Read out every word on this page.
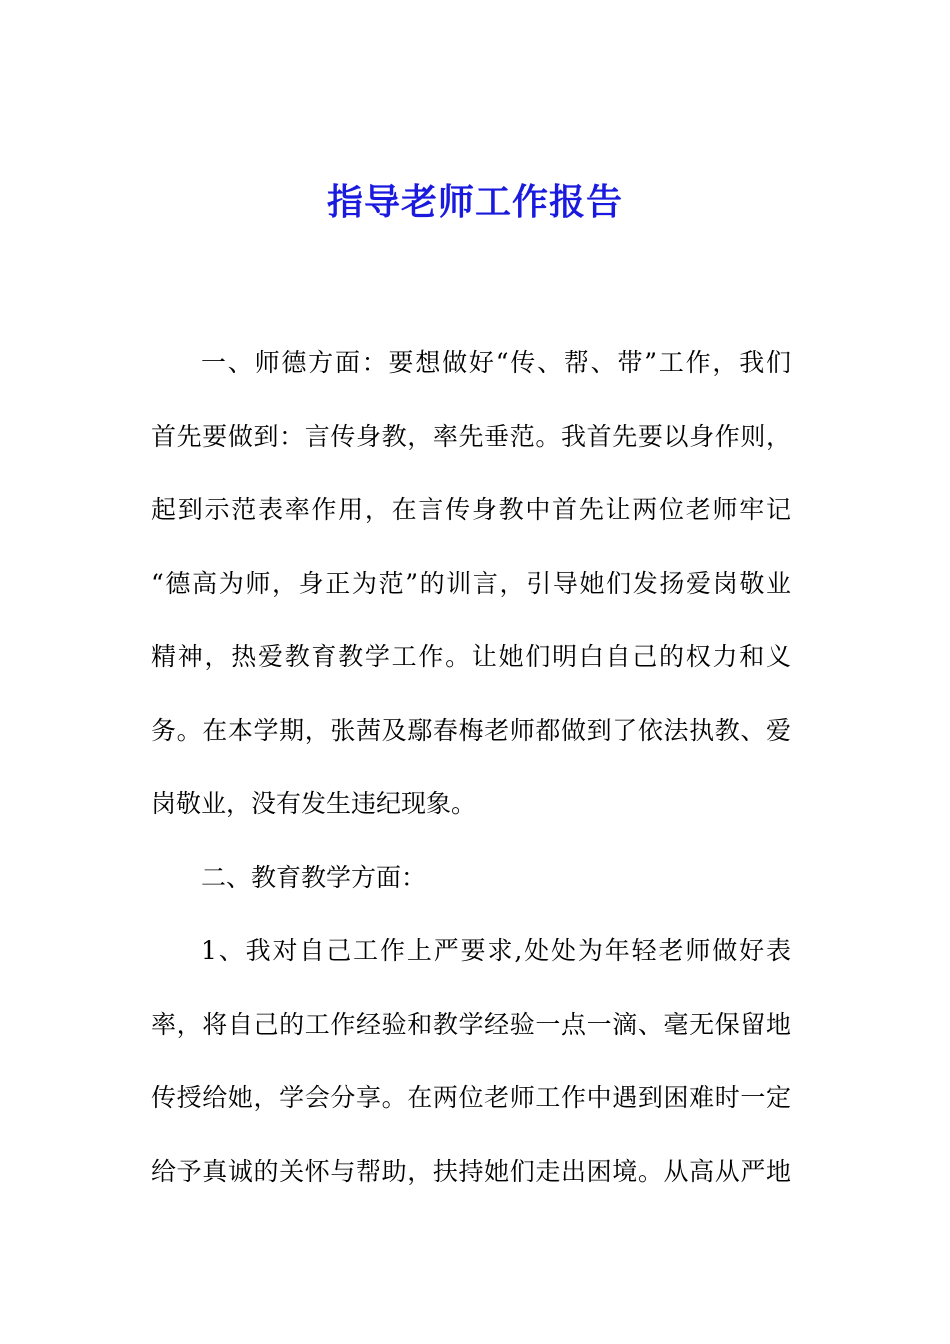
指导老师工作报告
一、师德方面：要想做好“传、帮、带”工作，我们
首先要做到：言传身教，率先垂范。我首先要以身作则，
起到示范表率作用，在言传身教中首先让两位老师牢记
“德高为师，身正为范”的训言，引导她们发扬爱岗敬业
精神，热爱教育教学工作。让她们明白自己的权力和义
务。在本学期，张茜及鄢春梅老师都做到了依法执教、爱
岗敬业，没有发生违纪现象。
二、教育教学方面：
1、我对自己工作上严要求,处处为年轻老师做好表
率，将自己的工作经验和教学经验一点一滴、毫无保留地
传授给她，学会分享。在两位老师工作中遇到困难时一定
给予真诚的关怀与帮助，扶持她们走出困境。从高从严地
